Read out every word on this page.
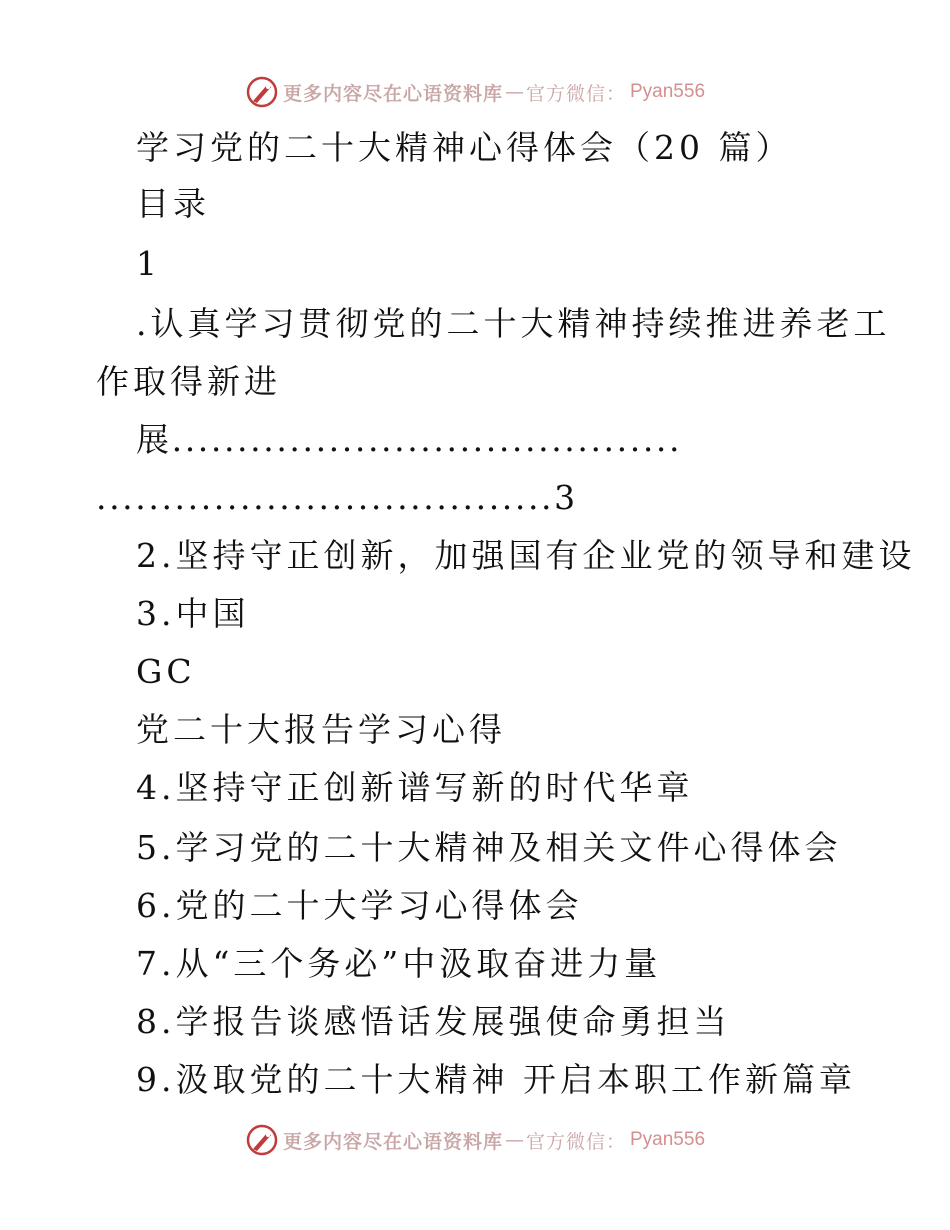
更多内容尽在心语资料库 — 官方微信： Pyan556
学习党的二十大精神心得体会（20 篇）
目录
1
.认真学习贯彻党的二十大精神持续推进养老工
作取得新进
展.......................................
...................................3
2.坚持守正创新，加强国有企业党的领导和建设
3.中国
GC
党二十大报告学习心得
4.坚持守正创新谱写新的时代华章
5.学习党的二十大精神及相关文件心得体会
6.党的二十大学习心得体会
7.从“三个务必”中汲取奋进力量
8.学报告谈感悟话发展强使命勇担当
9.汲取党的二十大精神 开启本职工作新篇章
更多内容尽在心语资料库 — 官方微信： Pyan556
